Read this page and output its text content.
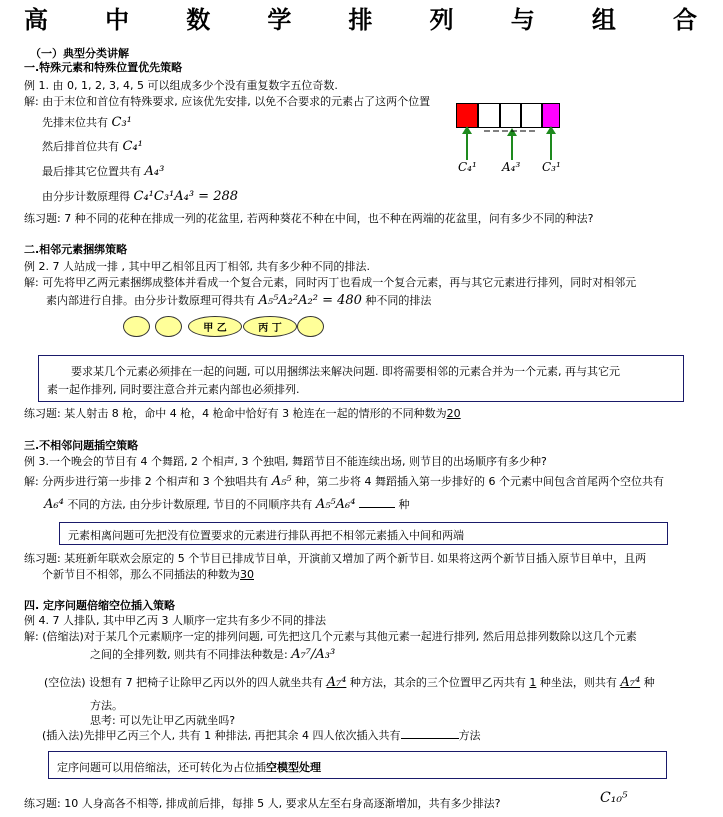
高 中 数 学 排 列 与 组 合
（一）典型分类讲解
一.特殊元素和特殊位置优先策略
例 1. 由 0, 1, 2, 3, 4, 5 可以组成多少个没有重复数字五位奇数.
解: 由于末位和首位有特殊要求, 应该优先安排, 以免不合要求的元素占了这两个位置
先排末位共有 C₃¹
然后排首位共有 C₄¹
最后排其它位置共有 A₄³
由分步计数原理得 C₄¹C₃¹A₄³ = 288
C₄¹ A₄³ C₃¹
练习题: 7 种不同的花种在排成一列的花盆里, 若两种葵花不种在中间，也不种在两端的花盆里，问有多少不同的种法?
二.相邻元素捆绑策略
例 2. 7 人站成一排 , 其中甲乙相邻且丙丁相邻, 共有多少种不同的排法.
解: 可先将甲乙两元素捆绑成整体并看成一个复合元素，同时丙丁也看成一个复合元素，再与其它元素进行排列，同时对相邻元
素内部进行自排。由分步计数原理可得共有 A₅⁵A₂²A₂² = 480 种不同的排法
甲 乙	丙 丁
要求某几个元素必须排在一起的问题, 可以用捆绑法来解决问题. 即将需要相邻的元素合并为一个元素, 再与其它元
素一起作排列, 同时要注意合并元素内部也必须排列.
练习题: 某人射击 8 枪，命中 4 枪，4 枪命中恰好有 3 枪连在一起的情形的不同种数为20
三.不相邻问题插空策略
例 3.一个晚会的节目有 4 个舞蹈, 2 个相声, 3 个独唱, 舞蹈节目不能连续出场, 则节目的出场顺序有多少种?
解: 分两步进行第一步排 2 个相声和 3 个独唱共有 A₅⁵ 种，第二步将 4 舞蹈插入第一步排好的 6 个元素中间包含首尾两个空位共有
A₆⁴ 不同的方法, 由分步计数原理, 节目的不同顺序共有 A₅⁵A₆⁴	种
元素相离问题可先把没有位置要求的元素进行排队再把不相邻元素插入中间和两端
练习题: 某班新年联欢会原定的 5 个节目已排成节目单，开演前又增加了两个新节目. 如果将这两个新节目插入原节目单中，且两
个新节目不相邻，那么不同插法的种数为30
四. 定序问题倍缩空位插入策略
例 4. 7 人排队, 其中甲乙丙 3 人顺序一定共有多少不同的排法
解: (倍缩法)对于某几个元素顺序一定的排列问题, 可先把这几个元素与其他元素一起进行排列, 然后用总排列数除以这几个元素
之间的全排列数, 则共有不同排法种数是: A₇⁷/A₃³
(空位法) 设想有 7 把椅子让除甲乙丙以外的四人就坐共有 A₇⁴ 种方法，其余的三个位置甲乙丙共有 1 种坐法，则共有 A₇⁴ 种
方法。
思考: 可以先让甲乙丙就坐吗?
(插入法)先排甲乙丙三个人, 共有 1 种排法, 再把其余 4 四人依次插入共有	方法
定序问题可以用倍缩法，还可转化为占位插空模型处理
练习题: 10 人身高各不相等, 排成前后排，每排 5 人, 要求从左至右身高逐渐增加，共有多少排法?	C₁₀⁵
